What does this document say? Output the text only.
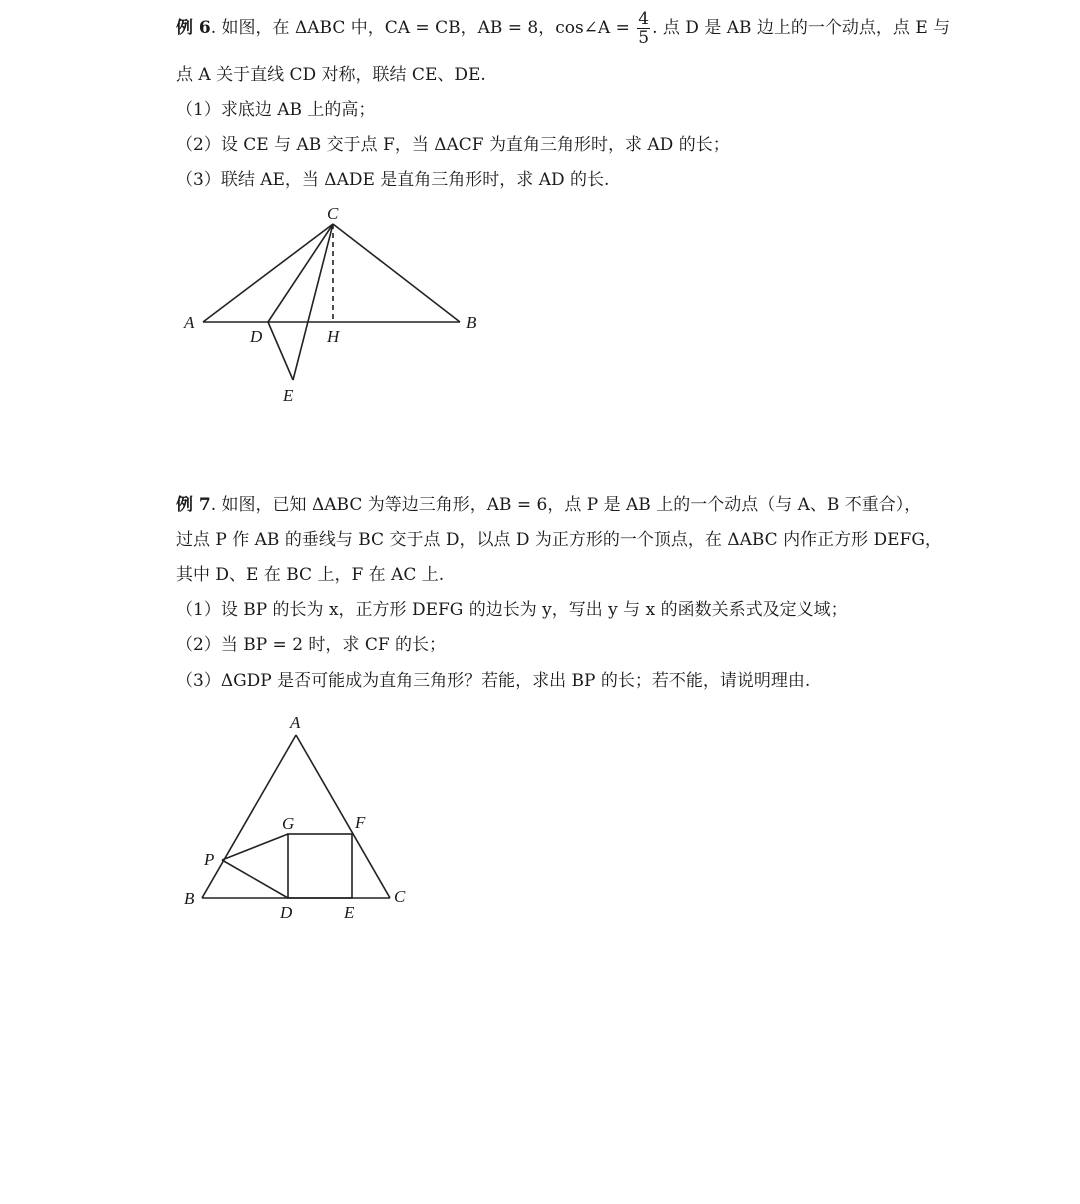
例 6. 如图，在 ΔABC 中，CA = CB，AB = 8，cos∠A = $\frac{4}{5}$ . 点 D 是 AB 边上的一个动点，点 E 与
点 A 关于直线 CD 对称，联结 CE、DE.
（1）求底边 AB 上的高；
（2）设 CE 与 AB 交于点 F，当 ΔACF 为直角三角形时，求 AD 的长；
（3）联结 AE，当 ΔADE 是直角三角形时，求 AD 的长.
C
A	B
D	H
E
例 7. 如图，已知 ΔABC 为等边三角形，AB = 6，点 P 是 AB 上的一个动点（与 A、B 不重合），
过点 P 作 AB 的垂线与 BC 交于点 D，以点 D 为正方形的一个顶点，在 ΔABC 内作正方形 DEFG，
其中 D、E 在 BC 上，F 在 AC 上.
（1）设 BP 的长为 x，正方形 DEFG 的边长为 y，写出 y 与 x 的函数关系式及定义域；
（2）当 BP = 2 时，求 CF 的长；
（3）ΔGDP 是否可能成为直角三角形？若能，求出 BP 的长；若不能，请说明理由.
A
G	F
P
B	C
D	E
